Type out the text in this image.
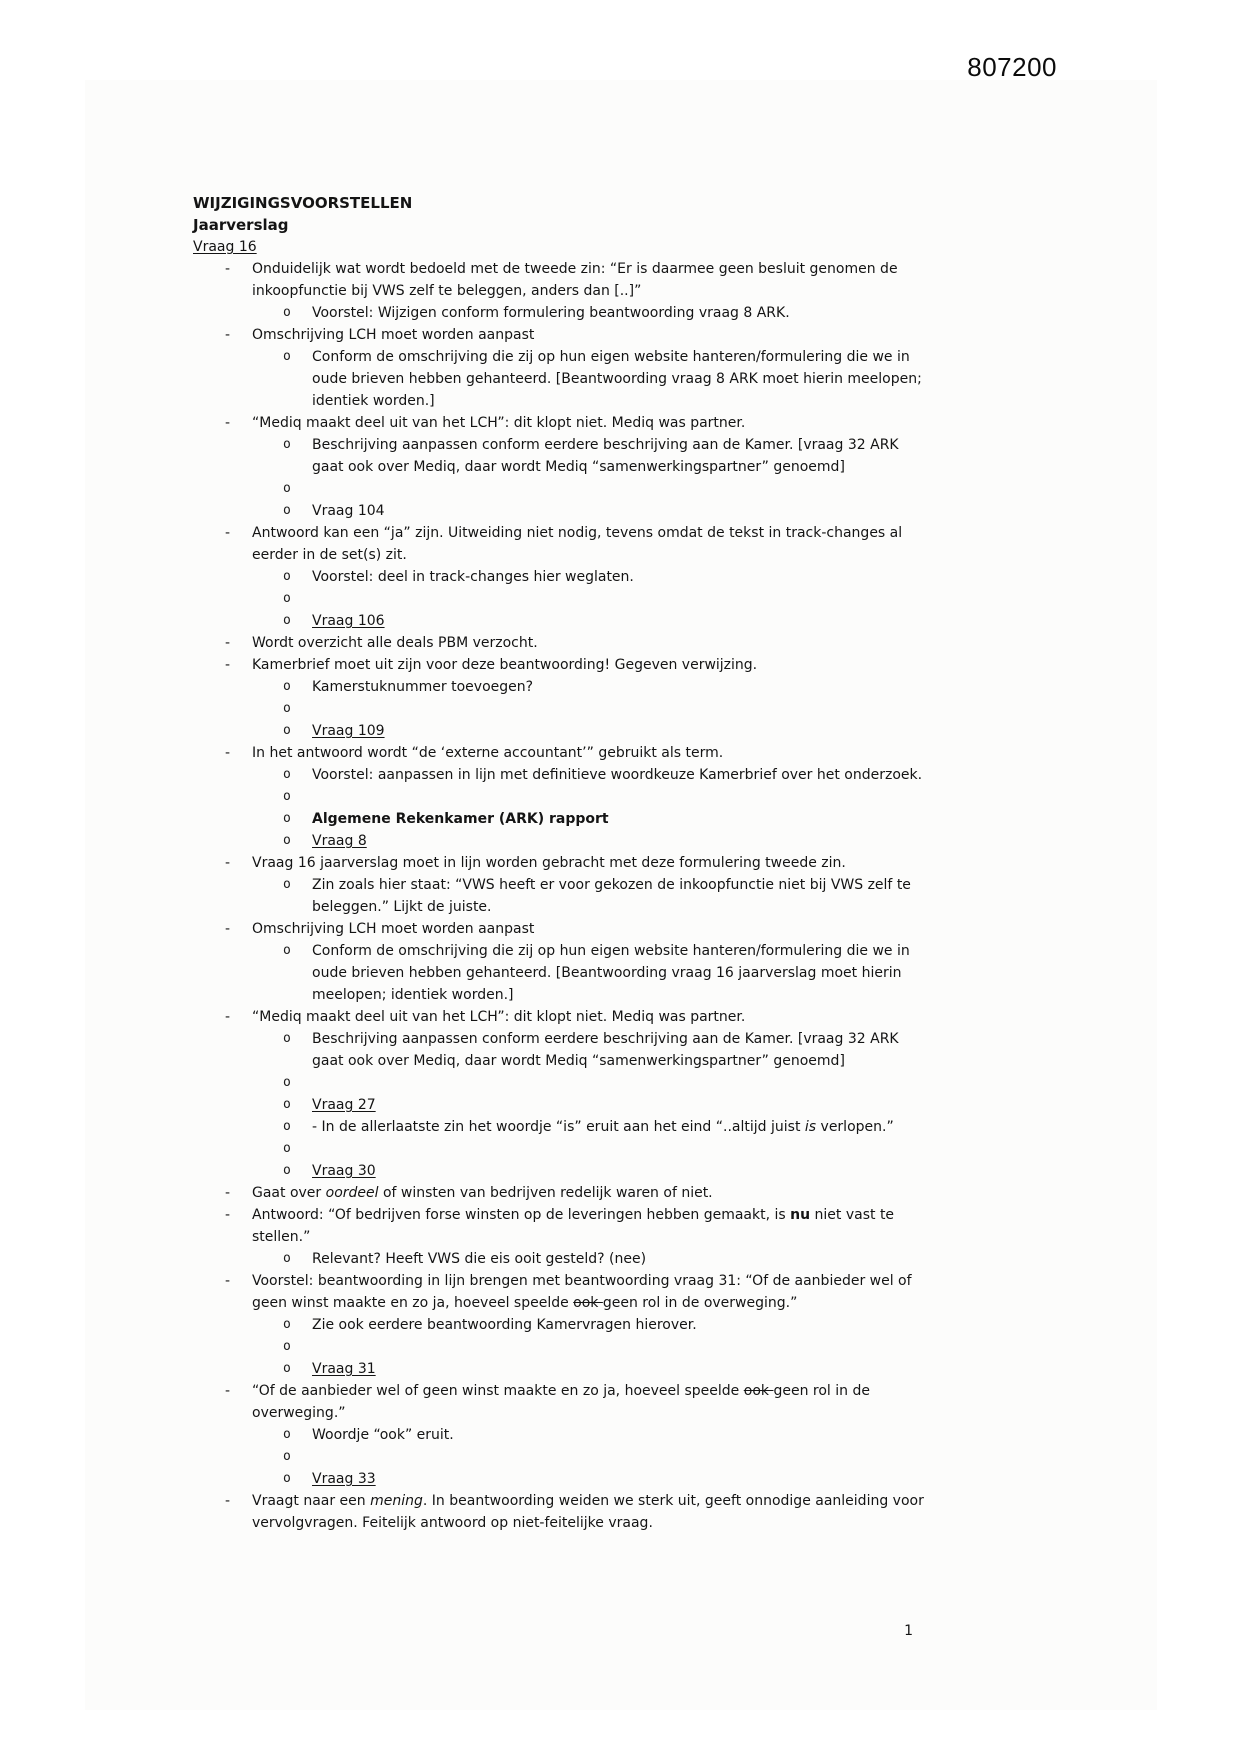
807200
WIJZIGINGSVOORSTELLEN
Jaarverslag
Vraag 16
- Onduidelijk wat wordt bedoeld met de tweede zin: “Er is daarmee geen besluit genomen de inkoopfunctie bij VWS zelf te beleggen, anders dan [..]”
o Voorstel: Wijzigen conform formulering beantwoording vraag 8 ARK.
- Omschrijving LCH moet worden aanpast
o Conform de omschrijving die zij op hun eigen website hanteren/formulering die we in oude brieven hebben gehanteerd. [Beantwoording vraag 8 ARK moet hierin meelopen; identiek worden.]
- “Mediq maakt deel uit van het LCH”: dit klopt niet. Mediq was partner.
o Beschrijving aanpassen conform eerdere beschrijving aan de Kamer. [vraag 32 ARK gaat ook over Mediq, daar wordt Mediq “samenwerkingspartner” genoemd]
o
o Vraag 104
- Antwoord kan een “ja” zijn. Uitweiding niet nodig, tevens omdat de tekst in track-changes al eerder in de set(s) zit.
o Voorstel: deel in track-changes hier weglaten.
o
o Vraag 106
- Wordt overzicht alle deals PBM verzocht.
- Kamerbrief moet uit zijn voor deze beantwoording! Gegeven verwijzing.
o Kamerstuknummer toevoegen?
o
o Vraag 109
- In het antwoord wordt “de ‘externe accountant’” gebruikt als term.
o Voorstel: aanpassen in lijn met definitieve woordkeuze Kamerbrief over het onderzoek.
o
o Algemene Rekenkamer (ARK) rapport
o Vraag 8
- Vraag 16 jaarverslag moet in lijn worden gebracht met deze formulering tweede zin.
o Zin zoals hier staat: “VWS heeft er voor gekozen de inkoopfunctie niet bij VWS zelf te beleggen.” Lijkt de juiste.
- Omschrijving LCH moet worden aanpast
o Conform de omschrijving die zij op hun eigen website hanteren/formulering die we in oude brieven hebben gehanteerd. [Beantwoording vraag 16 jaarverslag moet hierin meelopen; identiek worden.]
- “Mediq maakt deel uit van het LCH”: dit klopt niet. Mediq was partner.
o Beschrijving aanpassen conform eerdere beschrijving aan de Kamer. [vraag 32 ARK gaat ook over Mediq, daar wordt Mediq “samenwerkingspartner” genoemd]
o
o Vraag 27
o - In de allerlaatste zin het woordje “is” eruit aan het eind “..altijd juist is verlopen.”
o
o Vraag 30
- Gaat over oordeel of winsten van bedrijven redelijk waren of niet.
- Antwoord: “Of bedrijven forse winsten op de leveringen hebben gemaakt, is nu niet vast te stellen.”
o Relevant? Heeft VWS die eis ooit gesteld? (nee)
- Voorstel: beantwoording in lijn brengen met beantwoording vraag 31: “Of de aanbieder wel of geen winst maakte en zo ja, hoeveel speelde ook geen rol in de overweging.”
o Zie ook eerdere beantwoording Kamervragen hierover.
o
o Vraag 31
- “Of de aanbieder wel of geen winst maakte en zo ja, hoeveel speelde ook geen rol in de overweging.”
o Woordje “ook” eruit.
o
o Vraag 33
- Vraagt naar een mening. In beantwoording weiden we sterk uit, geeft onnodige aanleiding voor vervolgvragen. Feitelijk antwoord op niet-feitelijke vraag.
1
